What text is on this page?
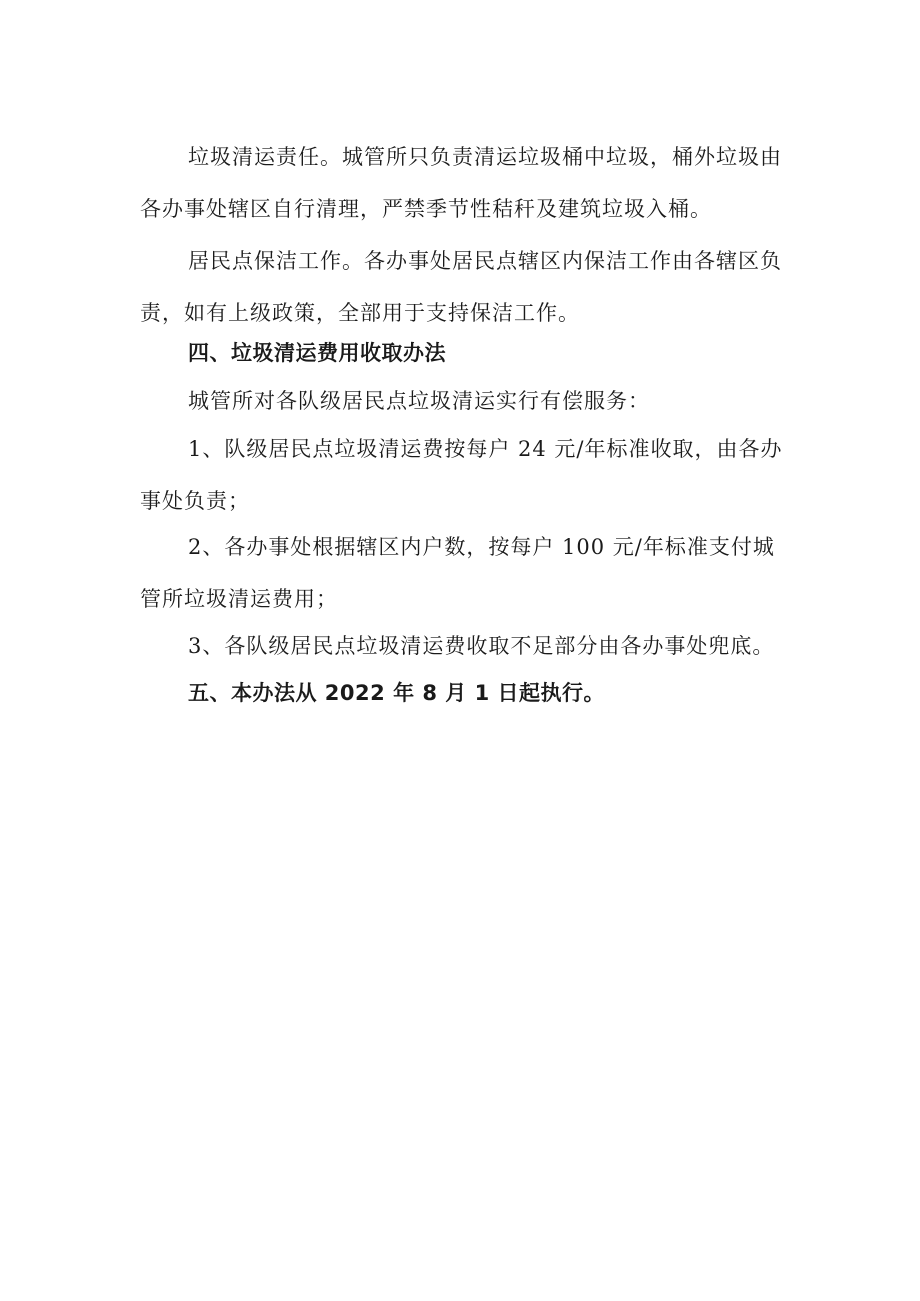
垃圾清运责任。城管所只负责清运垃圾桶中垃圾，桶外垃圾由各办事处辖区自行清理，严禁季节性秸秆及建筑垃圾入桶。

居民点保洁工作。各办事处居民点辖区内保洁工作由各辖区负责，如有上级政策，全部用于支持保洁工作。

四、垃圾清运费用收取办法

城管所对各队级居民点垃圾清运实行有偿服务：

1、队级居民点垃圾清运费按每户 24 元/年标准收取，由各办事处负责；

2、各办事处根据辖区内户数，按每户 100 元/年标准支付城管所垃圾清运费用；

3、各队级居民点垃圾清运费收取不足部分由各办事处兜底。

五、本办法从 2022 年 8 月 1 日起执行。
